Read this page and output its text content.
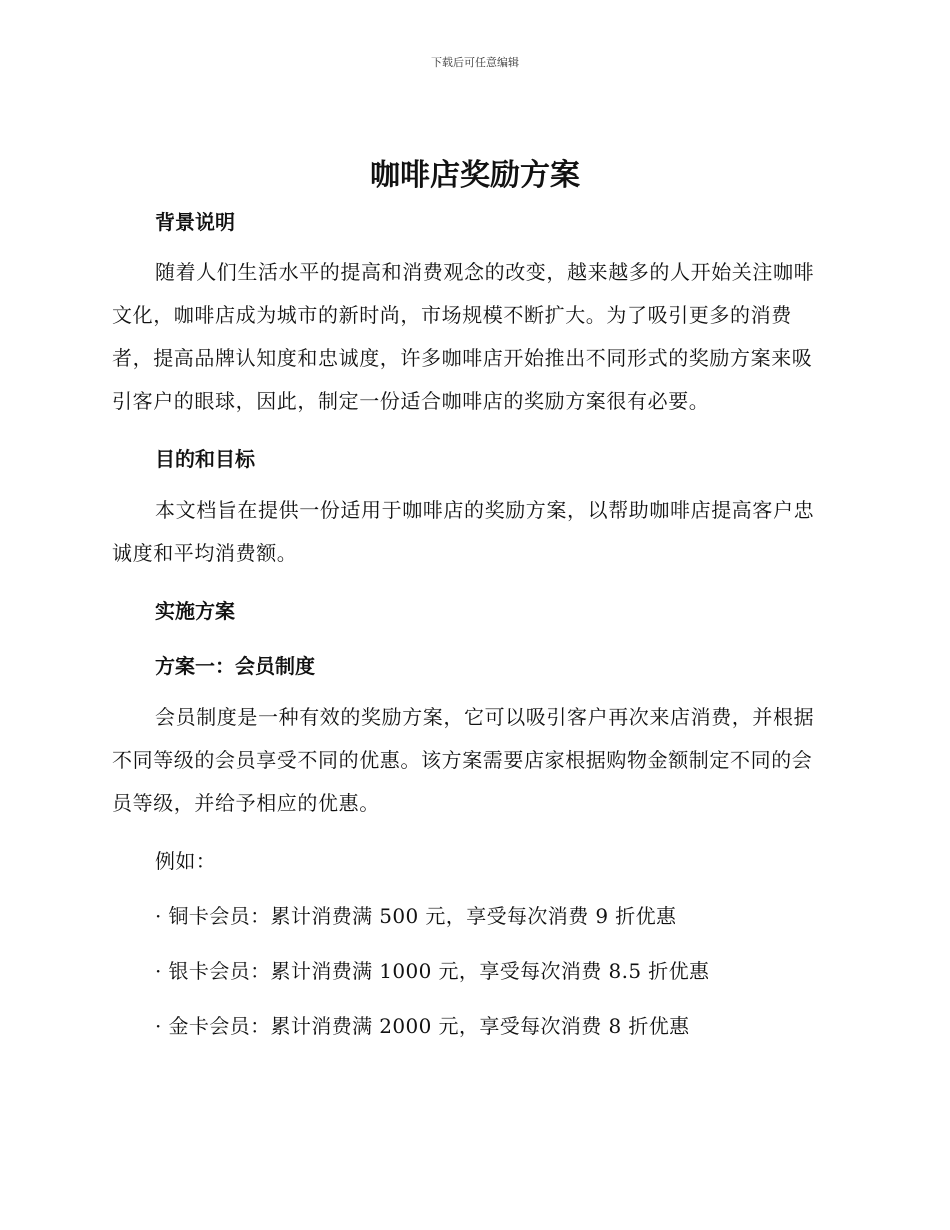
下载后可任意编辑
咖啡店奖励方案
背景说明

随着人们生活水平的提高和消费观念的改变，越来越多的人开始关注咖啡文化，咖啡店成为城市的新时尚，市场规模不断扩大。为了吸引更多的消费者，提高品牌认知度和忠诚度，许多咖啡店开始推出不同形式的奖励方案来吸引客户的眼球，因此，制定一份适合咖啡店的奖励方案很有必要。

目的和目标

本文档旨在提供一份适用于咖啡店的奖励方案，以帮助咖啡店提高客户忠诚度和平均消费额。

实施方案
方案一：会员制度

会员制度是一种有效的奖励方案，它可以吸引客户再次来店消费，并根据不同等级的会员享受不同的优惠。该方案需要店家根据购物金额制定不同的会员等级，并给予相应的优惠。

例如：

· 铜卡会员：累计消费满 500 元，享受每次消费 9 折优惠

· 银卡会员：累计消费满 1000 元，享受每次消费 8.5 折优惠

· 金卡会员：累计消费满 2000 元，享受每次消费 8 折优惠
